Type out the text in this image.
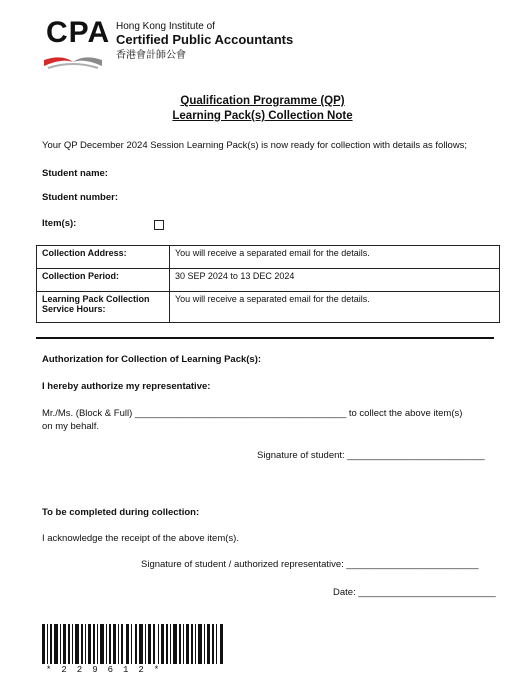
CPA Hong Kong Institute of
Certified Public Accountants
香港會計師公會
Qualification Programme (QP)
Learning Pack(s) Collection Note
Your QP December 2024 Session Learning Pack(s) is now ready for collection with details as follows;
Student name:
Student number:
Item(s):
Collection Address:	You will receive a separated email for the details.
Collection Period:	30 SEP 2024 to 13 DEC 2024
Learning Pack Collection Service Hours:	You will receive a separated email for the details.
Authorization for Collection of Learning Pack(s):
I hereby authorize my representative:
Mr./Ms. (Block & Full) ________________________________________ to collect the above item(s)
on my behalf.
Signature of student: __________________________
To be completed during collection:
I acknowledge the receipt of the above item(s).
Signature of student / authorized representative: _________________________
Date: __________________________
*229612*
